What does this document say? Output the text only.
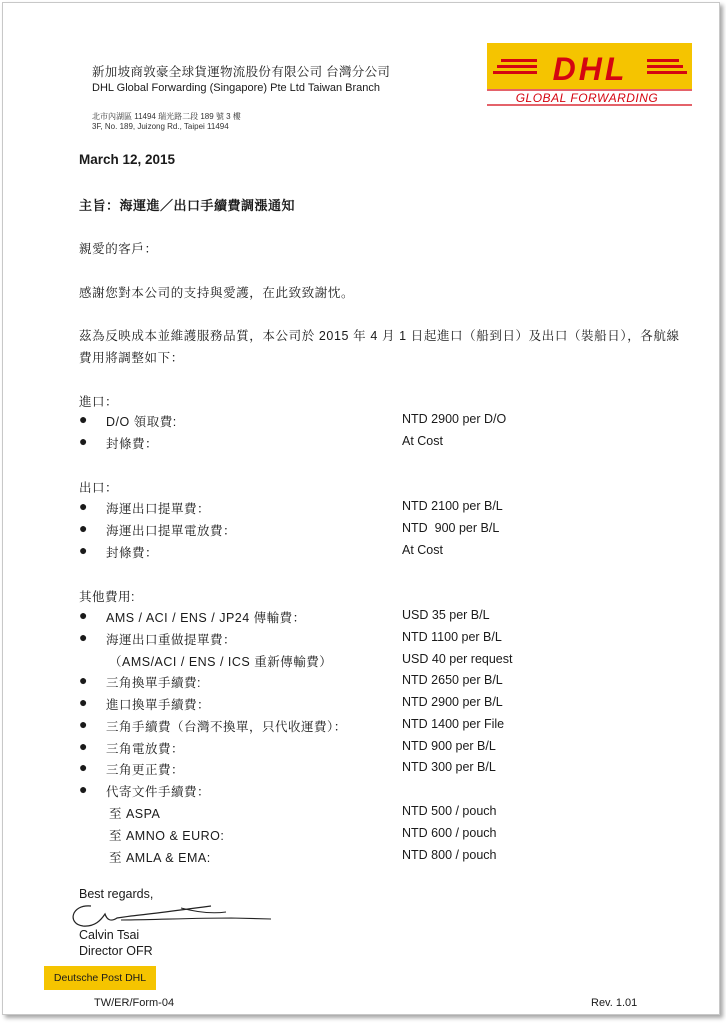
新加坡商敦豪全球貨運物流股份有限公司 台灣分公司
DHL Global Forwarding (Singapore) Pte Ltd Taiwan Branch
北市內湖區 11494 瑞光路二段 189 號 3 樓
3F, No. 189, Juizong Rd., Taipei 11494
DHL
GLOBAL FORWARDING
March 12, 2015
主旨：海運進／出口手續費調漲通知
親愛的客戶：
感謝您對本公司的支持與愛護，在此致致謝忱。
茲為反映成本並維護服務品質，本公司於 2015 年 4 月 1 日起進口（船到日）及出口（裝船日），各航線
費用將調整如下：
進口：
● D/O 領取費:	NTD 2900 per D/O
● 封條費：	At Cost
出口：
● 海運出口提單費：	NTD 2100 per B/L
● 海運出口提單電放費：	NTD  900 per B/L
● 封條費：	At Cost
其他費用:
● AMS / ACI / ENS / JP24 傳輸費：	USD 35 per B/L
● 海運出口重做提單費：	NTD 1100 per B/L
（AMS/ACI / ENS / ICS 重新傳輸費）	USD 40 per request
● 三角換單手續費:	NTD 2650 per B/L
● 進口換單手續費：	NTD 2900 per B/L
● 三角手續費（台灣不換單，只代收運費）：	NTD 1400 per File
● 三角電放費：	NTD 900 per B/L
● 三角更正費：	NTD 300 per B/L
● 代寄文件手續費：
至 ASPA	NTD 500 / pouch
至 AMNO & EURO:	NTD 600 / pouch
至 AMLA & EMA:	NTD 800 / pouch
Best regards,
Calvin Tsai
Director OFR
Deutsche Post DHL
TW/ER/Form-04	Rev. 1.01
